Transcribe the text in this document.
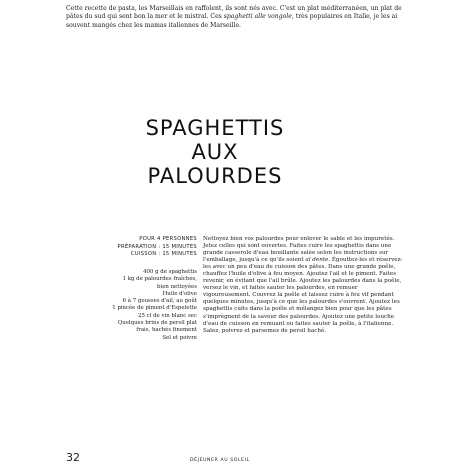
Cette recette de pasta, les Marseillais en raffolent, ils sont nés avec. C'est un plat méditerranéen, un plat de pâtes du sud qui sent bon la mer et le mistral. Ces spaghetti alle vongole, très populaires en Italie, je les ai souvent mangés chez les mamas italiennes de Marseille.

SPAGHETTIS
AUX
PALOURDES
POUR 4 PERSONNES
PRÉPARATION : 15 MINUTES
CUISSON : 15 MINUTES
400 g de spaghettis
1 kg de palourdes fraîches,
bien nettoyées
Huile d'olive
6 à 7 gousses d'ail, au goût
1 pincée de piment d'Espelette
25 cl de vin blanc sec
Quelques brins de persil plat
frais, hachés finement
Sel et poivre

Nettoyez bien vos palourdes pour enlever le sable et les impuretés. Jetez celles qui sont ouvertes. Faites cuire les spaghettis dans une grande casserole d'eau bouillante salée selon les instructions sur l'emballage, jusqu'à ce qu'ils soient al dente. Égouttez-les et réservez-les avec un peu d'eau de cuisson des pâtes. Dans une grande poêle, chauffez l'huile d'olive à feu moyen. Ajoutez l'ail et le piment. Faites revenir, en évitant que l'ail brûle. Ajoutez les palourdes dans la poêle, versez le vin, et faites sauter les palourdes, en remuer vigoureusement. Couvrez la poêle et laissez cuire à feu vif pendant quelques minutes, jusqu'à ce que les palourdes s'ouvrent. Ajoutez les spaghettis cuits dans la poêle et mélangez bien pour que les pâtes s'imprègnent de la saveur des palourdes. Ajoutez une petite louche d'eau de cuisson en remuant ou faites sauter la poêle, à l'italienne. Salez, poivrez et parsemez de persil haché.

32	DÉJEUNER AU SOLEIL
